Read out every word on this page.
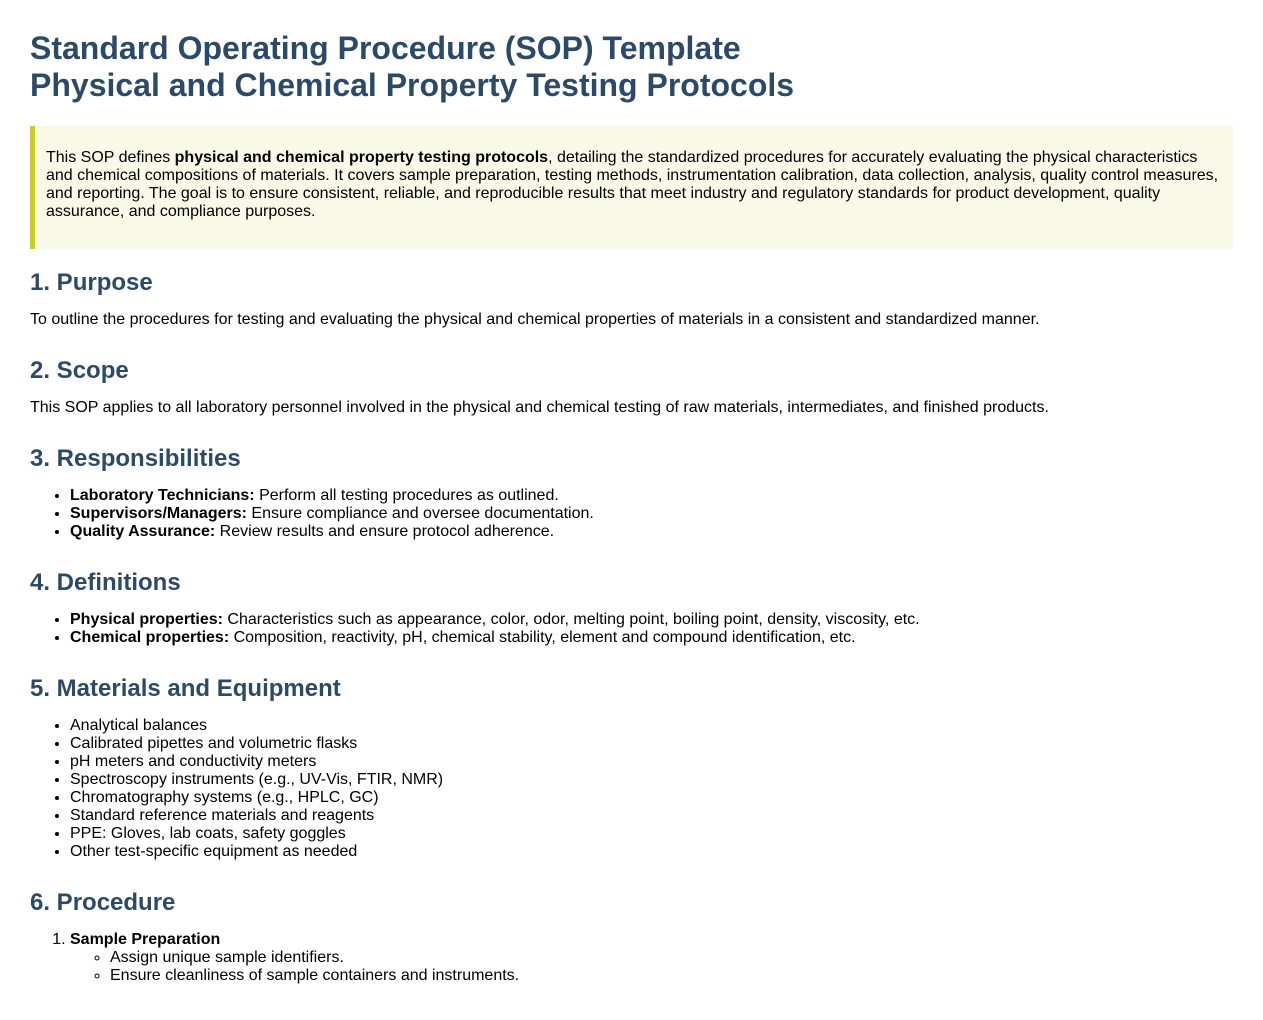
Standard Operating Procedure (SOP) Template
Physical and Chemical Property Testing Protocols
This SOP defines physical and chemical property testing protocols, detailing the standardized procedures for accurately evaluating the physical characteristics and chemical compositions of materials. It covers sample preparation, testing methods, instrumentation calibration, data collection, analysis, quality control measures, and reporting. The goal is to ensure consistent, reliable, and reproducible results that meet industry and regulatory standards for product development, quality assurance, and compliance purposes.
1. Purpose

To outline the procedures for testing and evaluating the physical and chemical properties of materials in a consistent and standardized manner.

2. Scope

This SOP applies to all laboratory personnel involved in the physical and chemical testing of raw materials, intermediates, and finished products.

3. Responsibilities
• Laboratory Technicians: Perform all testing procedures as outlined.
• Supervisors/Managers: Ensure compliance and oversee documentation.
• Quality Assurance: Review results and ensure protocol adherence.
4. Definitions
• Physical properties: Characteristics such as appearance, color, odor, melting point, boiling point, density, viscosity, etc.
• Chemical properties: Composition, reactivity, pH, chemical stability, element and compound identification, etc.
5. Materials and Equipment
• Analytical balances
• Calibrated pipettes and volumetric flasks
• pH meters and conductivity meters
• Spectroscopy instruments (e.g., UV-Vis, FTIR, NMR)
• Chromatography systems (e.g., HPLC, GC)
• Standard reference materials and reagents
• PPE: Gloves, lab coats, safety goggles
• Other test-specific equipment as needed
6. Procedure
1. Sample Preparation
◦ Assign unique sample identifiers.
◦ Ensure cleanliness of sample containers and instruments.
